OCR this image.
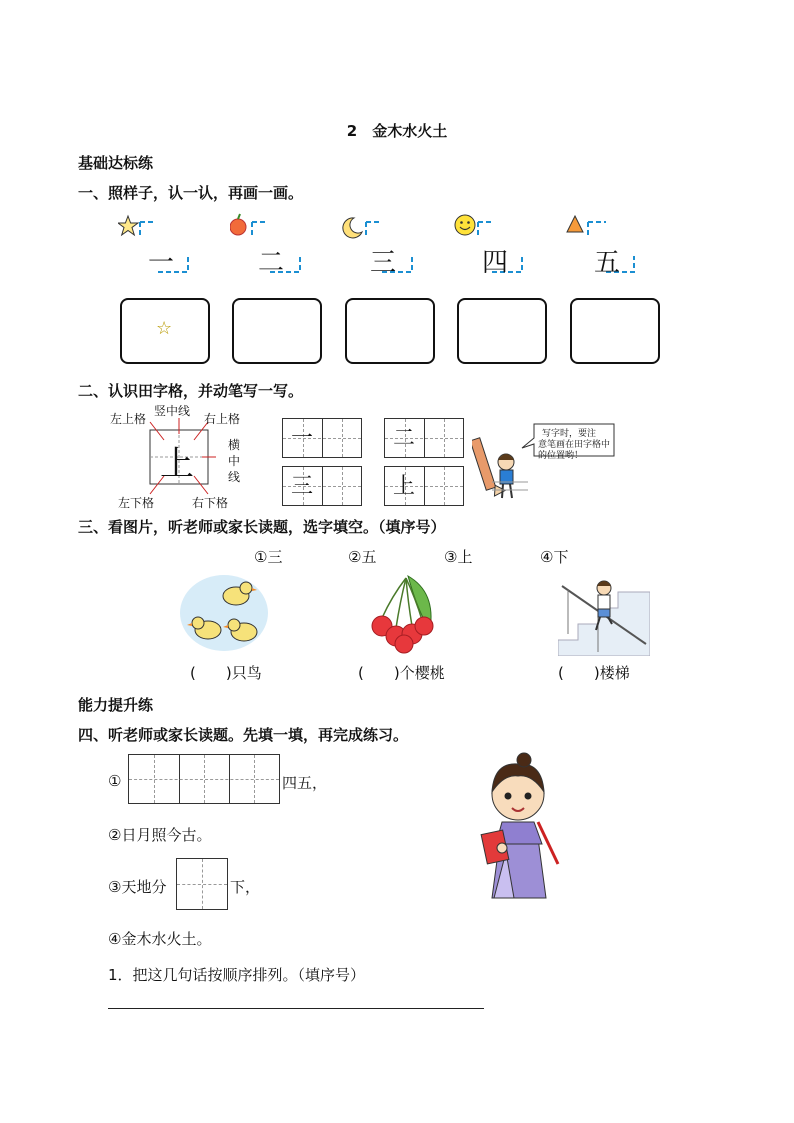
2　金木水火土
基础达标练
一、照样子，认一认，再画一画。
一	二	三	四	五
☆
二、认识田字格，并动笔写一写。
左上格
竖中线
右上格
横
中
线
左下格	右下格
上
一	二
三	上
写字时，要注
意笔画在田字格中
的位置哟！
三、看图片，听老师或家长读题，选字填空。（填序号）
①三	②五	③上	④下
(　　)只鸟	(　　)个樱桃	(　　)楼梯
能力提升练
四、听老师或家长读题。先填一填，再完成练习。
①	四五，
②日月照今古。
③天地分	下，
④金木水火土。
1．把这几句话按顺序排列。（填序号）
